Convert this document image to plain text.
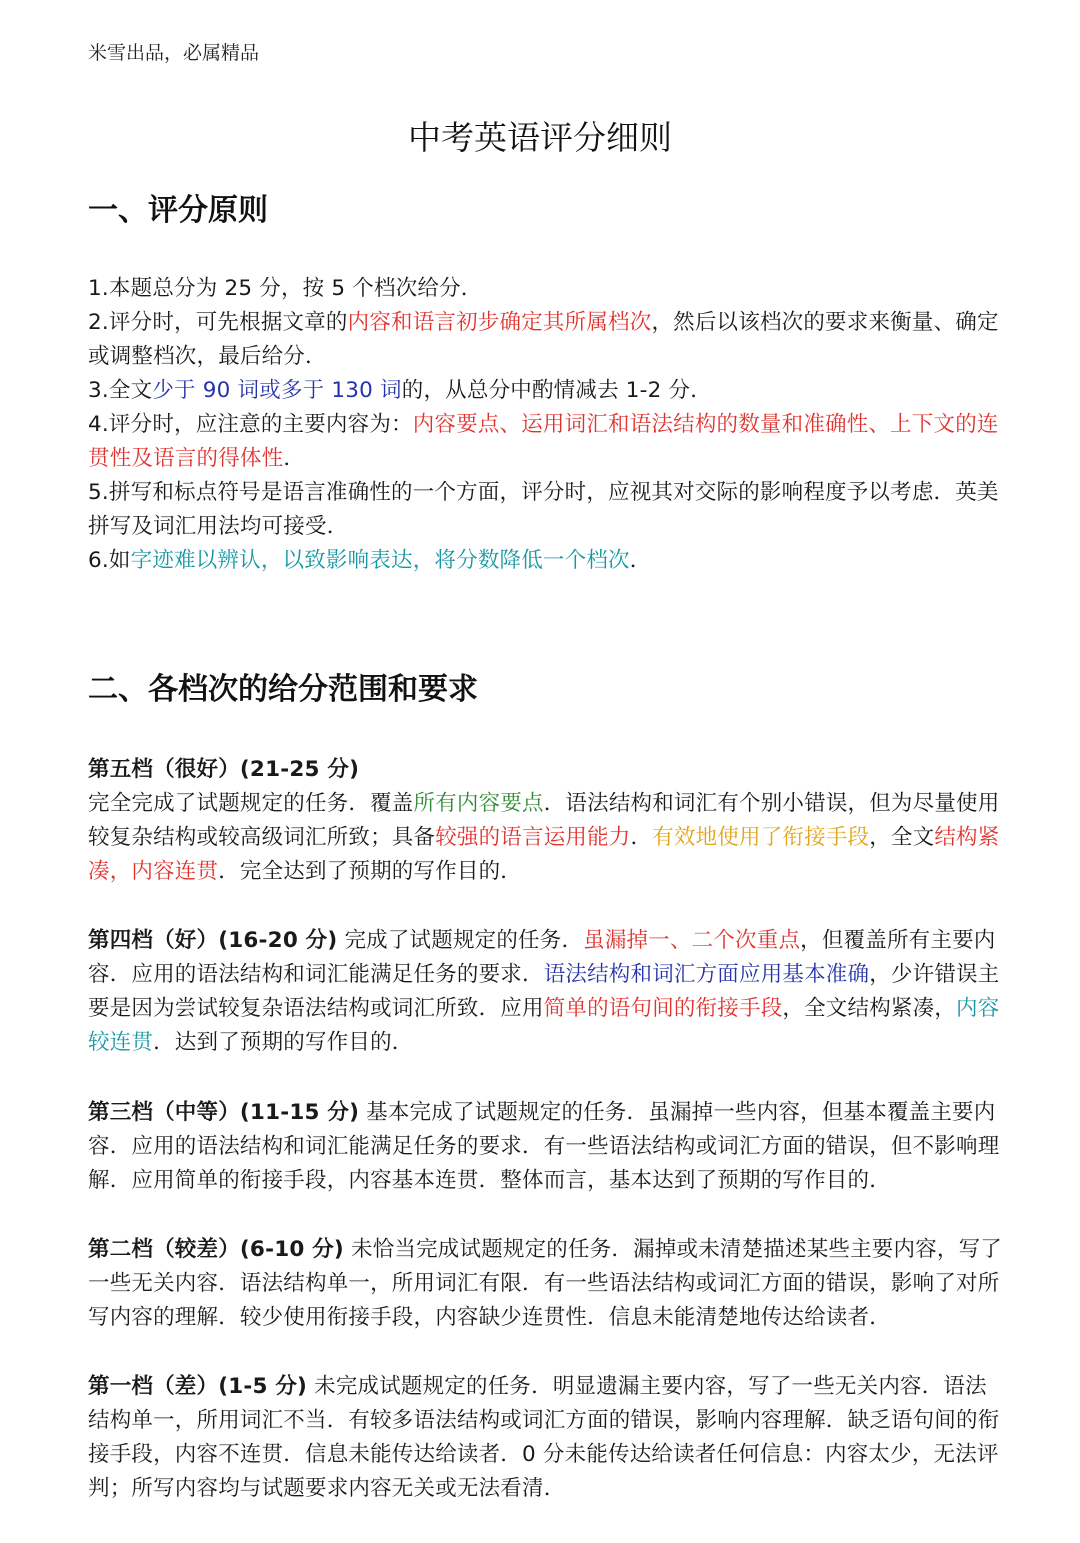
米雪出品，必属精品
中考英语评分细则
一、评分原则

1.本题总分为 25 分，按 5 个档次给分．

2.评分时，可先根据文章的内容和语言初步确定其所属档次，然后以该档次的要求来衡量、确定或调整档次，最后给分．

3.全文少于 90 词或多于 130 词的，从总分中酌情减去 1-2 分．

4.评分时，应注意的主要内容为：内容要点、运用词汇和语法结构的数量和准确性、上下文的连贯性及语言的得体性．

5.拼写和标点符号是语言准确性的一个方面，评分时，应视其对交际的影响程度予以考虑．英美拼写及词汇用法均可接受．

6.如字迹难以辨认，以致影响表达，将分数降低一个档次．

二、各档次的给分范围和要求

第五档（很好）(21-25 分)
完全完成了试题规定的任务．覆盖所有内容要点．语法结构和词汇有个别小错误，但为尽量使用较复杂结构或较高级词汇所致；具备较强的语言运用能力．有效地使用了衔接手段，全文结构紧凑，内容连贯．完全达到了预期的写作目的．

第四档（好）(16-20 分) 完成了试题规定的任务．虽漏掉一、二个次重点，但覆盖所有主要内容．应用的语法结构和词汇能满足任务的要求．语法结构和词汇方面应用基本准确，少许错误主要是因为尝试较复杂语法结构或词汇所致．应用简单的语句间的衔接手段，全文结构紧凑，内容较连贯．达到了预期的写作目的．

第三档（中等）(11-15 分) 基本完成了试题规定的任务．虽漏掉一些内容，但基本覆盖主要内容．应用的语法结构和词汇能满足任务的要求．有一些语法结构或词汇方面的错误，但不影响理解．应用简单的衔接手段，内容基本连贯．整体而言，基本达到了预期的写作目的．

第二档（较差）(6-10 分) 未恰当完成试题规定的任务．漏掉或未清楚描述某些主要内容，写了一些无关内容．语法结构单一，所用词汇有限．有一些语法结构或词汇方面的错误，影响了对所写内容的理解．较少使用衔接手段，内容缺少连贯性．信息未能清楚地传达给读者．

第一档（差）(1-5 分) 未完成试题规定的任务．明显遗漏主要内容，写了一些无关内容．语法结构单一，所用词汇不当．有较多语法结构或词汇方面的错误，影响内容理解．缺乏语句间的衔接手段，内容不连贯．信息未能传达给读者．0 分未能传达给读者任何信息：内容太少，无法评判；所写内容均与试题要求内容无关或无法看清．
